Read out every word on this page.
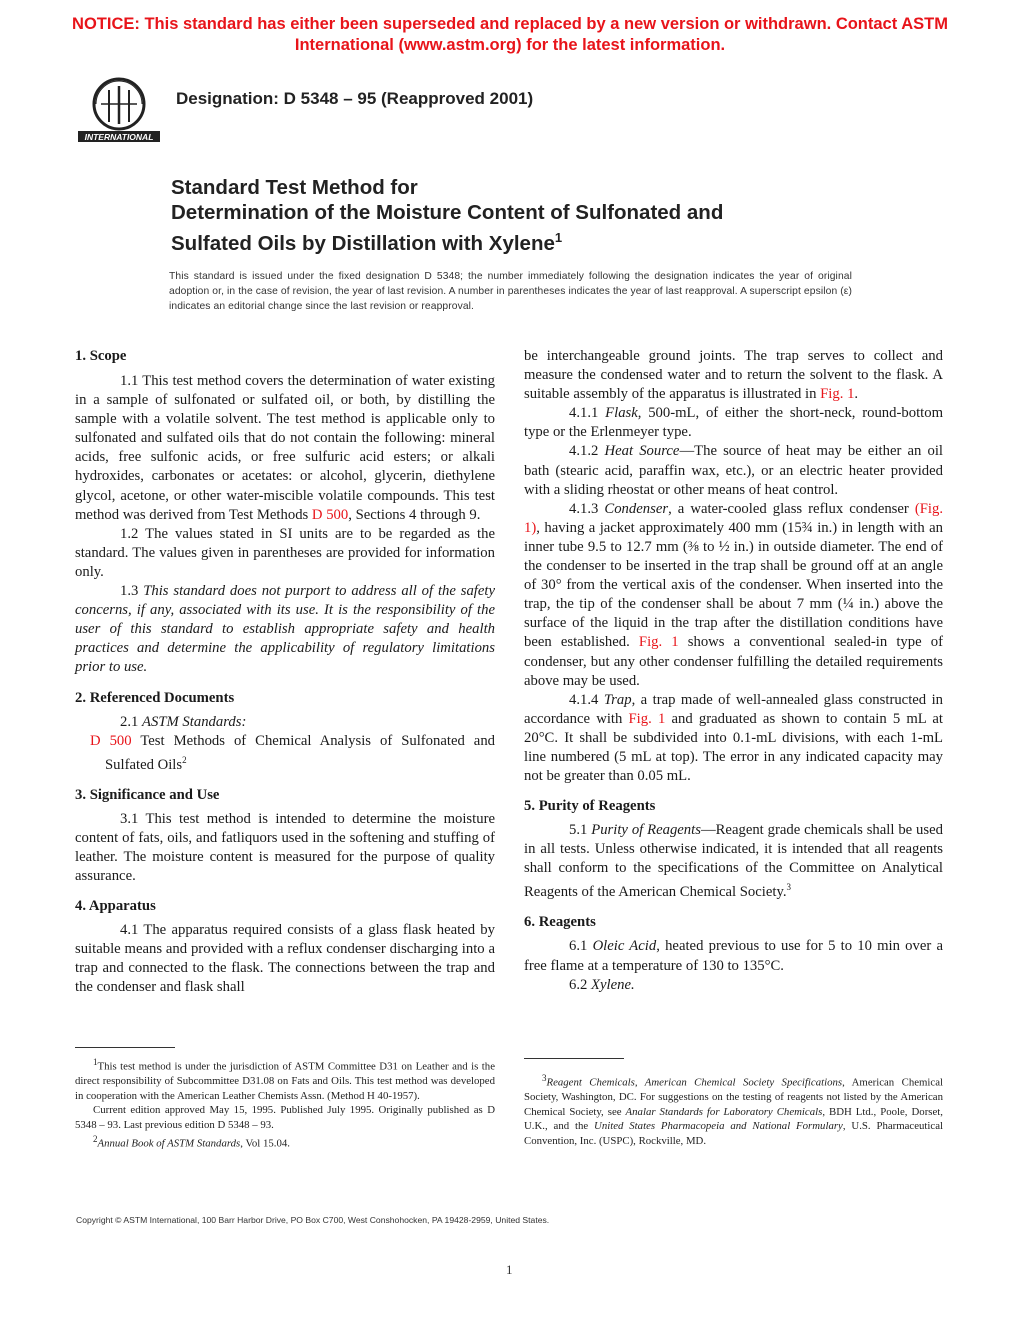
NOTICE: This standard has either been superseded and replaced by a new version or withdrawn. Contact ASTM
International (www.astm.org) for the latest information.
INTERNATIONAL
Designation: D 5348 – 95 (Reapproved 2001)
Standard Test Method for
Determination of the Moisture Content of Sulfonated and
Sulfated Oils by Distillation with Xylene$^1$
This standard is issued under the fixed designation D 5348; the number immediately following the designation indicates the year of original adoption or, in the case of revision, the year of last revision. A number in parentheses indicates the year of last reapproval. A superscript epsilon (ε) indicates an editorial change since the last revision or reapproval.
1. Scope

1.1 This test method covers the determination of water existing in a sample of sulfonated or sulfated oil, or both, by distilling the sample with a volatile solvent. The test method is applicable only to sulfonated and sulfated oils that do not contain the following: mineral acids, free sulfonic acids, or free sulfuric acid esters; or alkali hydroxides, carbonates or acetates: or alcohol, glycerin, diethylene glycol, acetone, or other water-miscible volatile compounds. This test method was derived from Test Methods D 500, Sections 4 through 9.

1.2 The values stated in SI units are to be regarded as the standard. The values given in parentheses are provided for information only.

1.3 This standard does not purport to address all of the safety concerns, if any, associated with its use. It is the responsibility of the user of this standard to establish appropriate safety and health practices and determine the applicability of regulatory limitations prior to use.

2. Referenced Documents

2.1 ASTM Standards:

D 500 Test Methods of Chemical Analysis of Sulfonated and Sulfated Oils$^2$

3. Significance and Use

3.1 This test method is intended to determine the moisture content of fats, oils, and fatliquors used in the softening and stuffing of leather. The moisture content is measured for the purpose of quality assurance.

4. Apparatus

4.1 The apparatus required consists of a glass flask heated by suitable means and provided with a reflux condenser discharging into a trap and connected to the flask. The connections between the trap and the condenser and flask shall

$^1$This test method is under the jurisdiction of ASTM Committee D31 on Leather and is the direct responsibility of Subcommittee D31.08 on Fats and Oils. This test method was developed in cooperation with the American Leather Chemists Assn. (Method H 40-1957).

Current edition approved May 15, 1995. Published July 1995. Originally published as D 5348 – 93. Last previous edition D 5348 – 93.

$^2$Annual Book of ASTM Standards, Vol 15.04.

be interchangeable ground joints. The trap serves to collect and measure the condensed water and to return the solvent to the flask. A suitable assembly of the apparatus is illustrated in Fig. 1.

4.1.1 Flask, 500-mL, of either the short-neck, round-bottom type or the Erlenmeyer type.

4.1.2 Heat Source—The source of heat may be either an oil bath (stearic acid, paraffin wax, etc.), or an electric heater provided with a sliding rheostat or other means of heat control.

4.1.3 Condenser, a water-cooled glass reflux condenser (Fig. 1), having a jacket approximately 400 mm (15¾ in.) in length with an inner tube 9.5 to 12.7 mm (⅜ to ½ in.) in outside diameter. The end of the condenser to be inserted in the trap shall be ground off at an angle of 30° from the vertical axis of the condenser. When inserted into the trap, the tip of the condenser shall be about 7 mm (¼ in.) above the surface of the liquid in the trap after the distillation conditions have been established. Fig. 1 shows a conventional sealed-in type of condenser, but any other condenser fulfilling the detailed requirements above may be used.

4.1.4 Trap, a trap made of well-annealed glass constructed in accordance with Fig. 1 and graduated as shown to contain 5 mL at 20°C. It shall be subdivided into 0.1-mL divisions, with each 1-mL line numbered (5 mL at top). The error in any indicated capacity may not be greater than 0.05 mL.

5. Purity of Reagents

5.1 Purity of Reagents—Reagent grade chemicals shall be used in all tests. Unless otherwise indicated, it is intended that all reagents shall conform to the specifications of the Committee on Analytical Reagents of the American Chemical Society.$^3$

6. Reagents

6.1 Oleic Acid, heated previous to use for 5 to 10 min over a free flame at a temperature of 130 to 135°C.

6.2 Xylene.

$^3$Reagent Chemicals, American Chemical Society Specifications, American Chemical Society, Washington, DC. For suggestions on the testing of reagents not listed by the American Chemical Society, see Analar Standards for Laboratory Chemicals, BDH Ltd., Poole, Dorset, U.K., and the United States Pharmacopeia and National Formulary, U.S. Pharmaceutical Convention, Inc. (USPC), Rockville, MD.

Copyright © ASTM International, 100 Barr Harbor Drive, PO Box C700, West Conshohocken, PA 19428-2959, United States.
1
